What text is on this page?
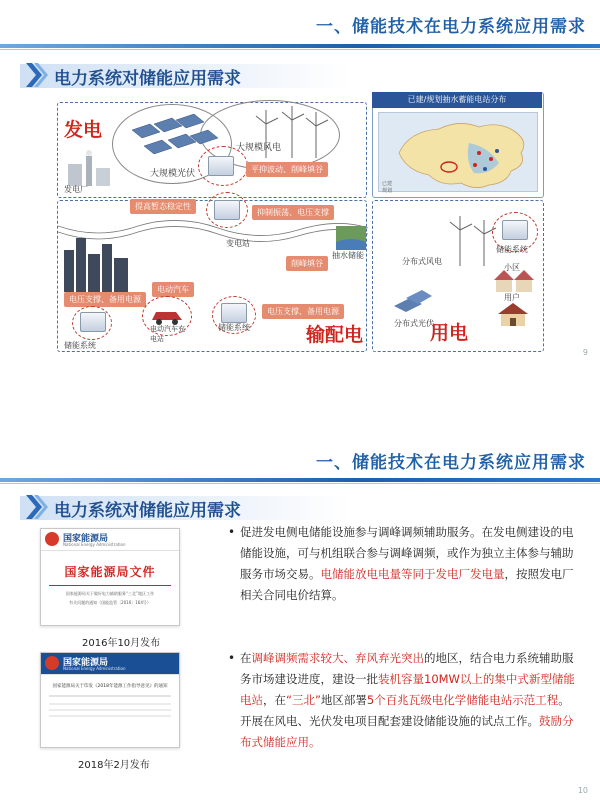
一、储能技术在电力系统应用需求
电力系统对储能应用需求
已建/规划抽水蓄能电站分布
已建
规划
发电
大规模风电
大规模光伏
发电厂
平抑波动、削峰填谷
提高暂态稳定性
抑制振荡、电压支撑
变电站
电压支撑、备用电源
储能系统
电动汽车
电动汽车充电站
储能系统
电压支撑、备用电源
削峰填谷
抽水储能
输配电
分布式风电
储能系统
小区
用户
分布式光伏
用电
9
一、储能技术在电力系统应用需求
电力系统对储能应用需求
国家能源局
National Energy Administration
国家能源局文件
国家能源局关于做好电力辅助服务“三北”地区工作
有关问题的通知（国能监管〔2016〕164号）
2016年10月发布
国家能源局
National Energy Administration
国家能源局关于印发《2018年能源工作指导意见》的通知
2018年2月发布
• 促进发电侧电储能设施参与调峰调频辅助服务。在发电侧建设的电储能设施，可与机组联合参与调峰调频，或作为独立主体参与辅助服务市场交易。电储能放电电量等同于发电厂发电量，按照发电厂相关合同电价结算。
• 在调峰调频需求较大、弃风弃光突出的地区，结合电力系统辅助服务市场建设进度，建设一批装机容量10MW以上的集中式新型储能电站，在“三北”地区部署5个百兆瓦级电化学储能电站示范工程。开展在风电、光伏发电项目配套建设储能设施的试点工作。鼓励分布式储能应用。
10
